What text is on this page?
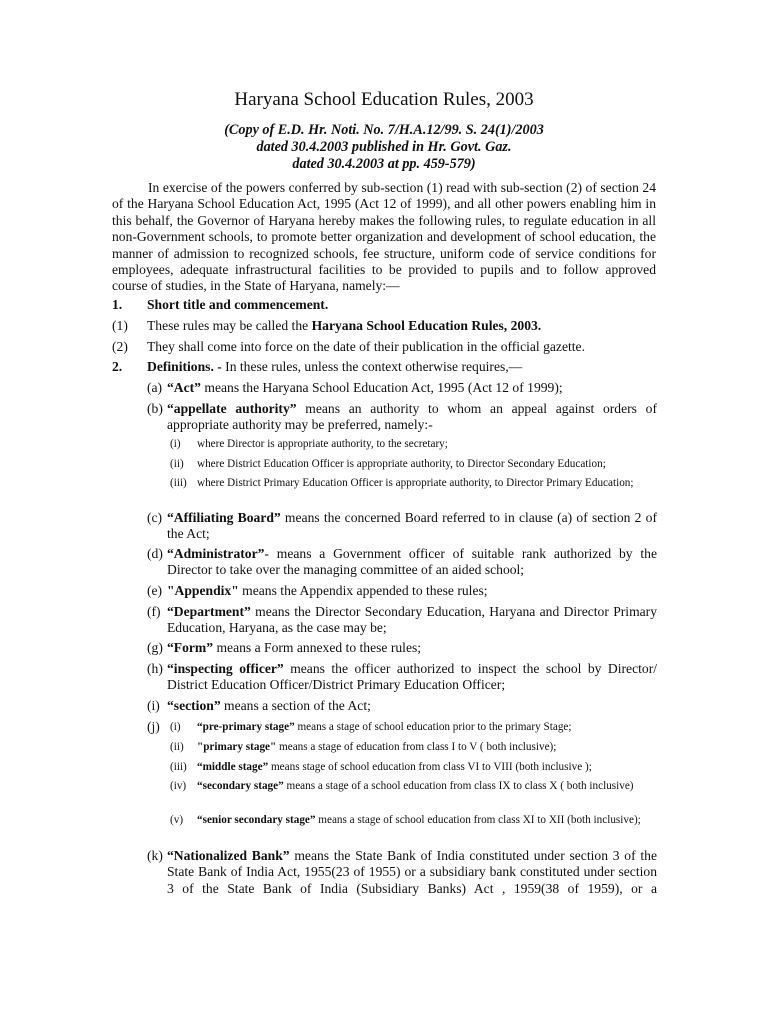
Haryana School Education Rules, 2003
(Copy of E.D. Hr. Noti. No. 7/H.A.12/99. S. 24(1)/2003
dated 30.4.2003 published in Hr. Govt. Gaz.
dated 30.4.2003 at pp. 459-579)
In exercise of the powers conferred by sub-section (1) read with sub-section (2) of section 24 of the Haryana School Education Act, 1995 (Act 12 of 1999), and all other powers enabling him in this behalf, the Governor of Haryana hereby makes the following rules, to regulate education in all non-Government schools, to promote better organization and development of school education, the manner of admission to recognized schools, fee structure, uniform code of service conditions for employees, adequate infrastructural facilities to be provided to pupils and to follow approved course of studies, in the State of Haryana, namely:—
1. Short title and commencement.
(1) These rules may be called the Haryana School Education Rules, 2003.
(2) They shall come into force on the date of their publication in the official gazette.
2. Definitions. - In these rules, unless the context otherwise requires,—
(a) “Act” means the Haryana School Education Act, 1995 (Act 12 of 1999);
(b) “appellate authority” means an authority to whom an appeal against orders of appropriate authority may be preferred, namely:-
(i) where Director is appropriate authority, to the secretary;
(ii) where District Education Officer is appropriate authority, to Director Secondary Education;
(iii) where District Primary Education Officer is appropriate authority, to Director Primary Education;
(c) “Affiliating Board” means the concerned Board referred to in clause (a) of section 2 of the Act;
(d) “Administrator”- means a Government officer of suitable rank authorized by the Director to take over the managing committee of an aided school;
(e) "Appendix" means the Appendix appended to these rules;
(f) “Department” means the Director Secondary Education, Haryana and Director Primary Education, Haryana, as the case may be;
(g) “Form” means a Form annexed to these rules;
(h) “inspecting officer” means the officer authorized to inspect the school by Director/ District Education Officer/District Primary Education Officer;
(i) “section” means a section of the Act;
(j) (i) “pre-primary stage” means a stage of school education prior to the primary Stage;
(ii) "primary stage" means a stage of education from class I to V ( both inclusive);
(iii) “middle stage” means stage of school education from class VI to VIII (both inclusive );
(iv) “secondary stage” means a stage of a school education from class IX to class X ( both inclusive)
(v) “senior secondary stage” means a stage of school education from class XI to XII (both inclusive);
(k) “Nationalized Bank” means the State Bank of India constituted under section 3 of the State Bank of India Act, 1955(23 of 1955) or a subsidiary bank constituted under section 3 of the State Bank of India (Subsidiary Banks) Act , 1959(38 of 1959), or a
